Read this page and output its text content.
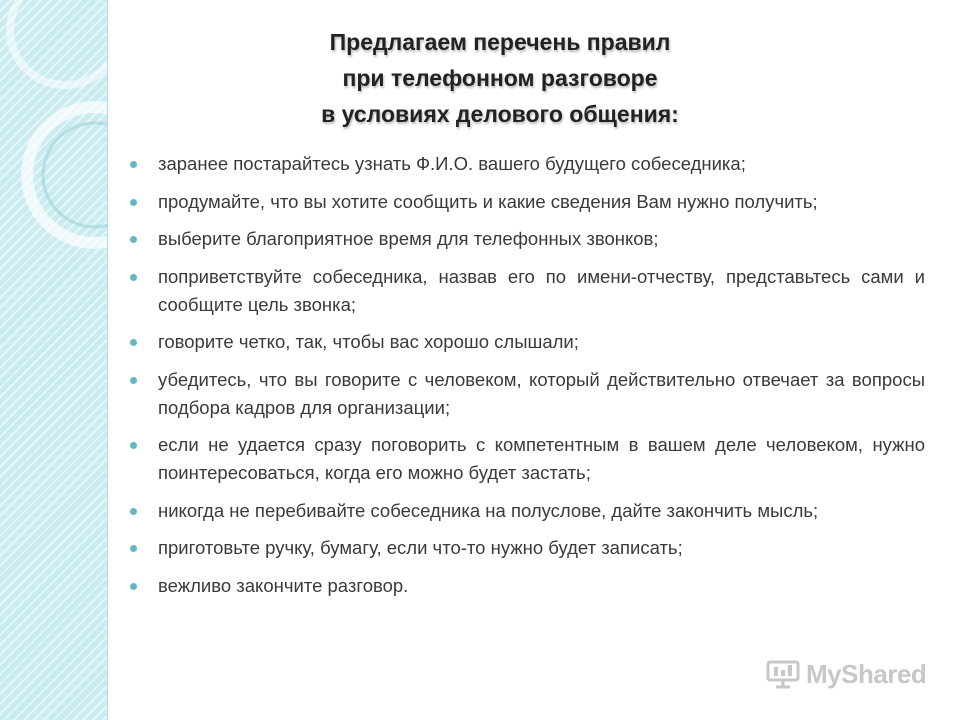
Предлагаем перечень правил
при телефонном разговоре
в условиях делового общения:
заранее постарайтесь узнать Ф.И.О. вашего будущего собеседника;
продумайте, что вы хотите сообщить и какие сведения Вам нужно получить;
выберите благоприятное время для телефонных звонков;
поприветствуйте собеседника, назвав его по имени-отчеству, представьтесь сами и сообщите цель звонка;
говорите четко, так, чтобы вас хорошо слышали;
убедитесь, что вы говорите с человеком, который действительно отвечает за вопросы подбора кадров для организации;
если не удается сразу поговорить с компетентным в вашем деле человеком, нужно поинтересоваться, когда его можно будет застать;
никогда не перебивайте собеседника на полуслове, дайте закончить мысль;
приготовьте ручку, бумагу, если что-то нужно будет записать;
вежливо закончите разговор.
MyShared
